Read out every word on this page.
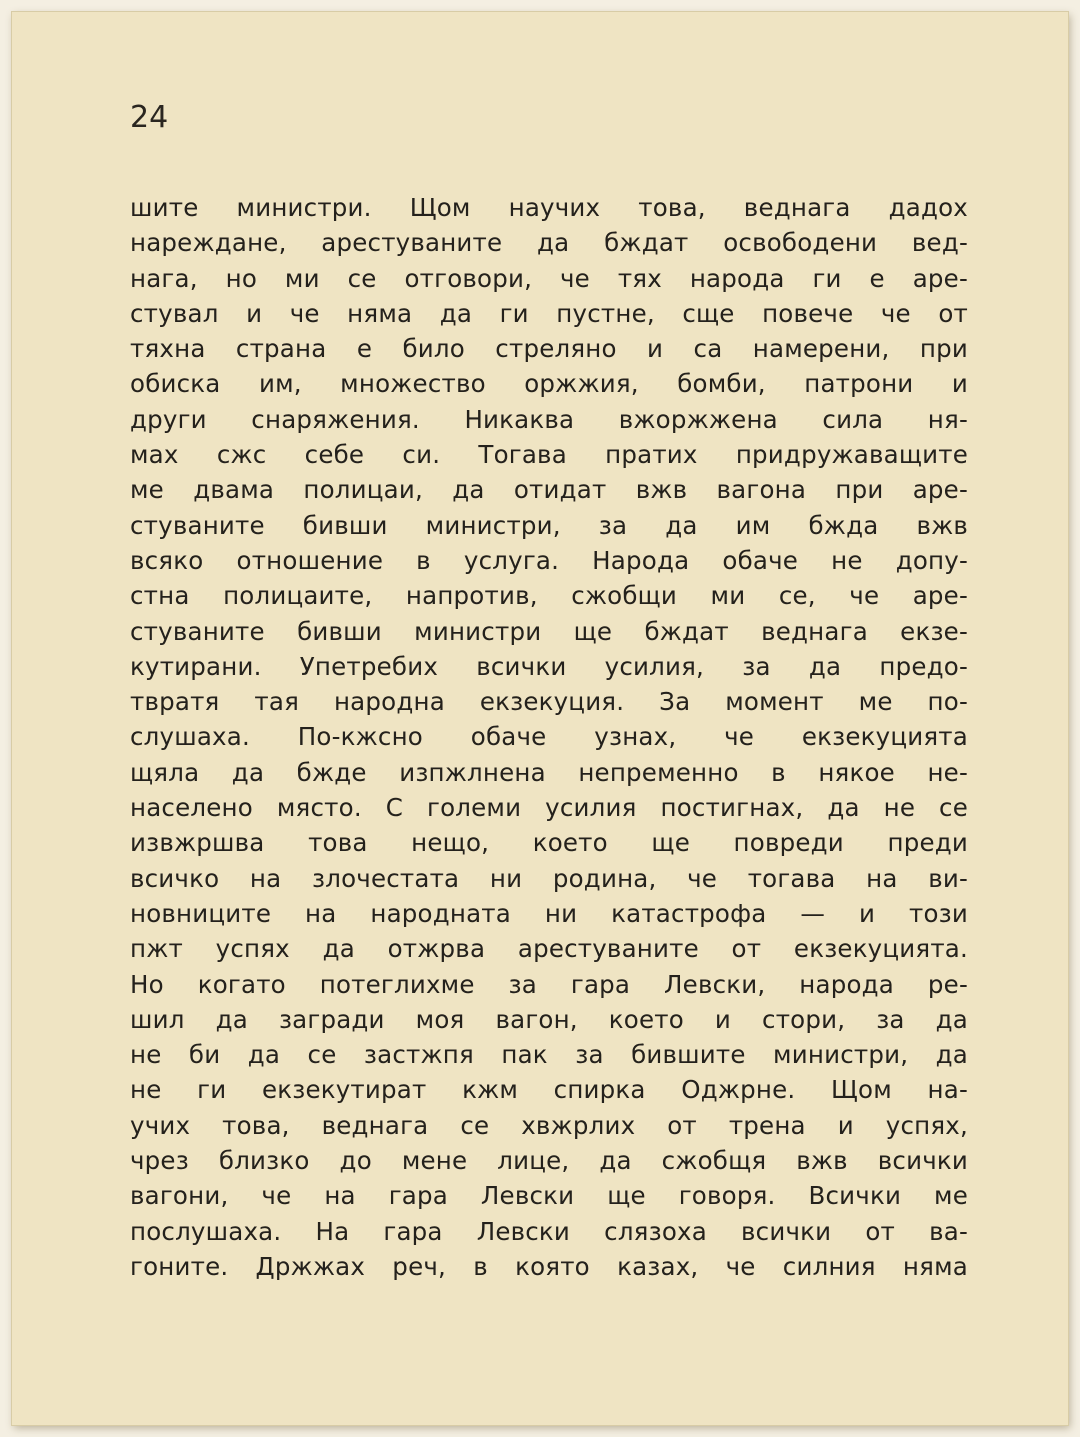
24
шите министри. Щом научих това, веднага дадох
нареждане, арестуваните да бждат освободени вед-
нага, но ми се отговори, че тях народа ги е аре-
стувал и че няма да ги пустне, сще повече че от
тяхна страна е било стреляно и са намерени, при
обиска им, множество оржжия, бомби, патрони и
други снаряжения. Никаква вжоржжена сила ня-
мах сжс себе си. Тогава пратих придружаващите
ме двама полицаи, да отидат вжв вагона при аре-
стуваните бивши министри, за да им бжда вжв
всяко отношение в услуга. Народа обаче не допу-
стна полицаите, напротив, сжобщи ми се, че аре-
стуваните бивши министри ще бждат веднага екзе-
кутирани. Упетребих всички усилия, за да предо-
твратя тая народна екзекуция. За момент ме по-
слушаха. По-кжсно обаче узнах, че екзекуцията
щяла да бжде изпжлнена непременно в някое не-
населено място. С големи усилия постигнах, да не се
извжршва това нещо, което ще повреди преди
всичко на злочестата ни родина, че тогава на ви-
новниците на народната ни катастрофа — и този
пжт успях да отжрва арестуваните от екзекуцията.
Но когато потеглихме за гара Левски, народа ре-
шил да загради моя вагон, което и стори, за да
не би да се застжпя пак за бившите министри, да
не ги екзекутират кжм спирка Оджрне. Щом на-
учих това, веднага се хвжрлих от трена и успях,
чрез близко до мене лице, да сжобщя вжв всички
вагони, че на гара Левски ще говоря. Всички ме
послушаха. На гара Левски слязоха всички от ва-
гоните. Држжах реч, в която казах, че силния няма
